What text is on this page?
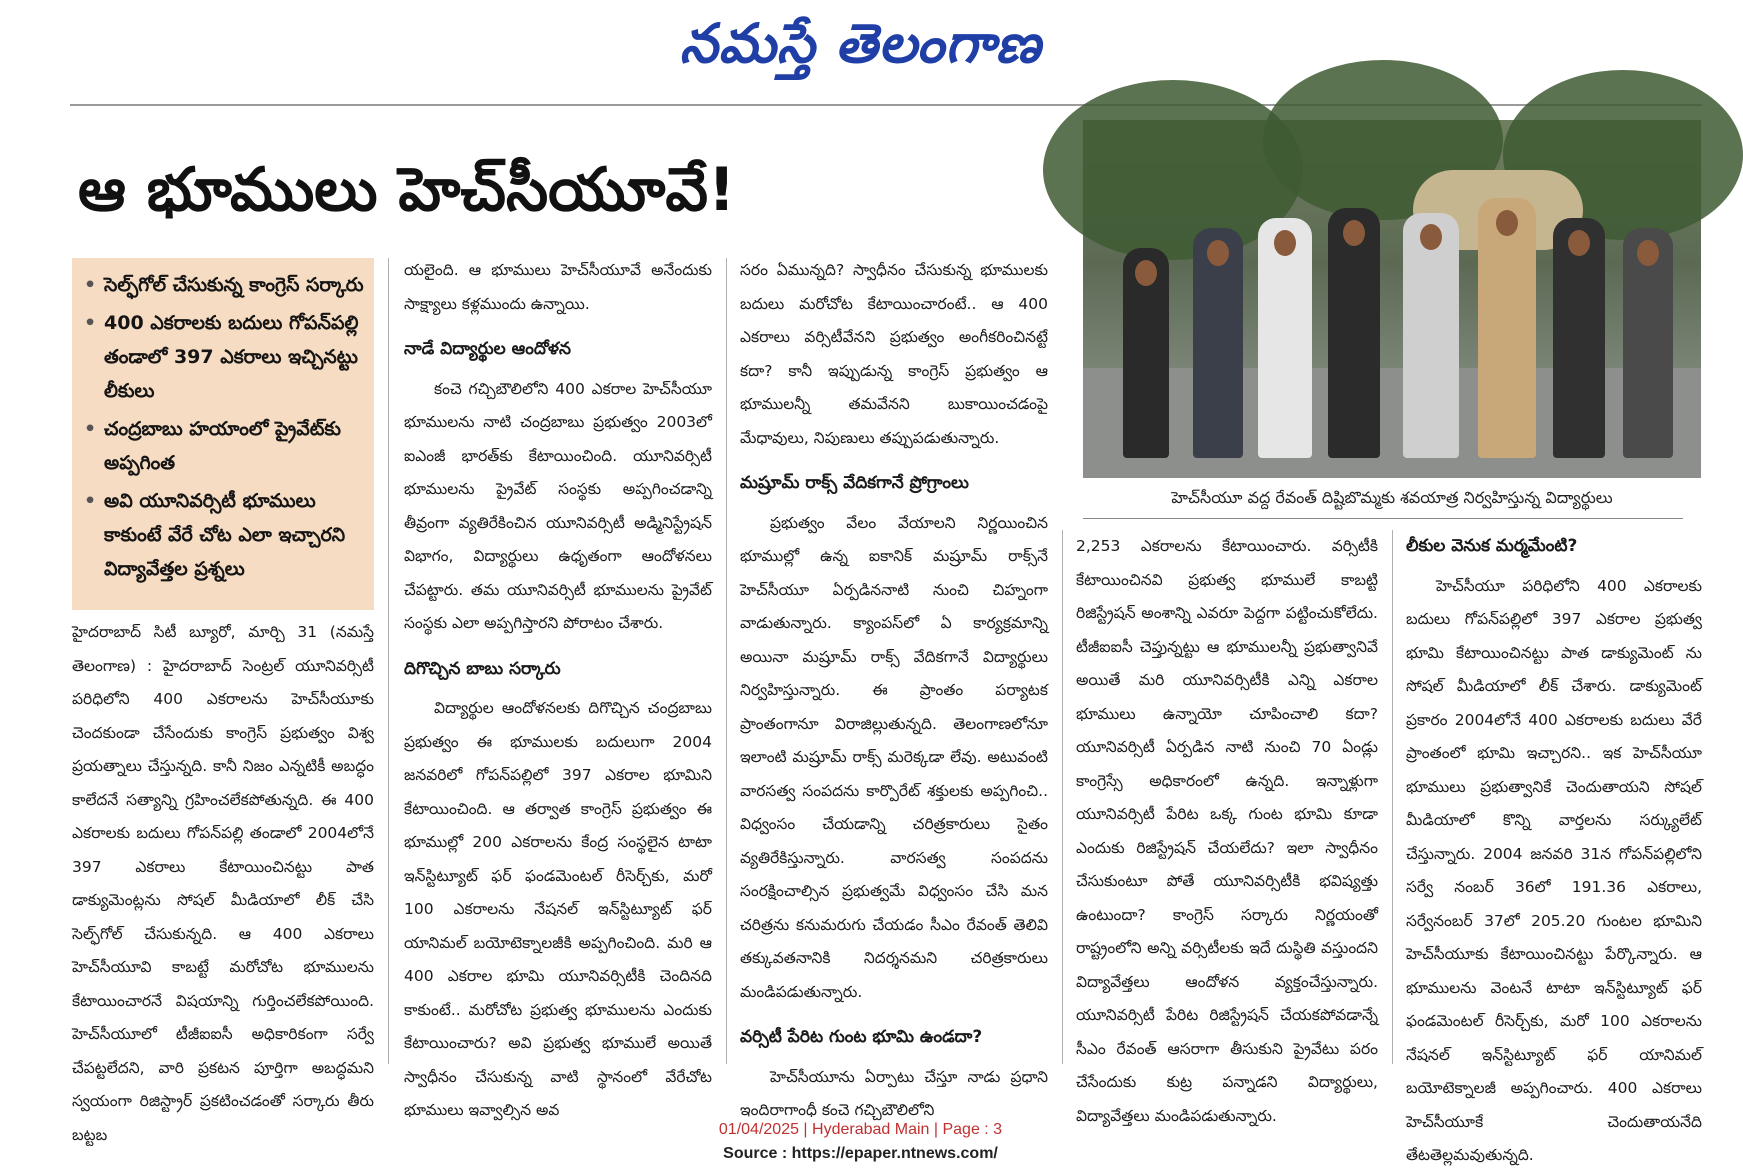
నమస్తే తెలంగాణ
ఆ భూములు హెచ్‌సీయూవే!
హెచ్‌సీయూ వద్ద రేవంత్ దిష్టిబొమ్మకు శవయాత్ర నిర్వహిస్తున్న విద్యార్థులు
• సెల్ఫ్‌గోల్ చేసుకున్న కాంగ్రెస్ సర్కారు
• 400 ఎకరాలకు బదులు గోపన్‌పల్లి తండాలో 397 ఎకరాలు ఇచ్చినట్టు లీకులు
• చంద్రబాబు హయాంలో ప్రైవేట్‌కు అప్పగింత
• అవి యూనివర్సిటీ భూములు కాకుంటే వేరే చోట ఎలా ఇచ్చారని విద్యావేత్తల ప్రశ్నలు

హైదరాబాద్ సిటీ బ్యూరో, మార్చి 31 (నమస్తే తెలంగాణ) : హైదరాబాద్ సెంట్రల్ యూనివర్సిటీ పరిధిలోని 400 ఎకరాలను హెచ్‌సీయూకు చెందకుండా చేసేందుకు కాంగ్రెస్ ప్రభుత్వం విశ్వ ప్రయత్నాలు చేస్తున్నది. కానీ నిజం ఎన్నటికీ అబద్ధం కాలేదనే సత్యాన్ని గ్రహించలేకపోతున్నది. ఈ 400 ఎకరాలకు బదులు గోపన్‌పల్లి తండాలో 2004లోనే 397 ఎకరాలు కేటాయించినట్టు పాత డాక్యుమెంట్లను సోషల్ మీడియాలో లీక్ చేసి సెల్ఫ్‌గోల్ చేసుకున్నది. ఆ 400 ఎకరాలు హెచ్‌సీయూవి కాబట్టే మరోచోట భూములను కేటాయించారనే విషయాన్ని గుర్తించలేకపోయింది. హెచ్‌సీయూలో టీజీఐఐసీ అధికారికంగా సర్వే చేపట్టలేదని, వారి ప్రకటన పూర్తిగా అబద్ధమని స్వయంగా రిజిస్ట్రార్ ప్రకటించడంతో సర్కారు తీరు బట్టబ

యలైంది. ఆ భూములు హెచ్‌సీయూవే అనేందుకు సాక్ష్యాలు కళ్లముందు ఉన్నాయి.

నాడే విద్యార్థుల ఆందోళన

కంచె గచ్చిబౌలిలోని 400 ఎకరాల హెచ్‌సీయూ భూములను నాటి చంద్రబాబు ప్రభుత్వం 2003లో ఐఎంజీ భారత్‌కు కేటాయించింది. యూనివర్సిటీ భూములను ప్రైవేట్ సంస్థకు అప్పగించడాన్ని తీవ్రంగా వ్యతిరేకించిన యూనివర్సిటీ అడ్మినిస్ట్రేషన్ విభాగం, విద్యార్థులు ఉధృతంగా ఆందోళనలు చేపట్టారు. తమ యూనివర్సిటీ భూములను ప్రైవేట్ సంస్థకు ఎలా అప్పగిస్తారని పోరాటం చేశారు.

దిగొచ్చిన బాబు సర్కారు

విద్యార్థుల ఆందోళనలకు దిగొచ్చిన చంద్రబాబు ప్రభుత్వం ఈ భూములకు బదులుగా 2004 జనవరిలో గోపన్‌పల్లిలో 397 ఎకరాల భూమిని కేటాయించింది. ఆ తర్వాత కాంగ్రెస్ ప్రభుత్వం ఈ భూముల్లో 200 ఎకరాలను కేంద్ర సంస్థలైన టాటా ఇన్‌స్టిట్యూట్ ఫర్ ఫండమెంటల్ రీసెర్చ్‌కు, మరో 100 ఎకరాలను నేషనల్ ఇన్‌స్టిట్యూట్ ఫర్ యానిమల్ బయోటెక్నాలజీకి అప్పగించింది. మరి ఆ 400 ఎకరాల భూమి యూనివర్సిటీకి చెందినది కాకుంటే.. మరోచోట ప్రభుత్వ భూములను ఎందుకు కేటాయించారు? అవి ప్రభుత్వ భూములే అయితే స్వాధీనం చేసుకున్న వాటి స్థానంలో వేరేచోట భూములు ఇవ్వాల్సిన అవ

సరం ఏమున్నది? స్వాధీనం చేసుకున్న భూములకు బదులు మరోచోట కేటాయించారంటే.. ఆ 400 ఎకరాలు వర్సిటీవేనని ప్రభుత్వం అంగీకరించినట్టే కదా? కానీ ఇప్పుడున్న కాంగ్రెస్ ప్రభుత్వం ఆ భూములన్నీ తమవేనని బుకాయించడంపై మేధావులు, నిపుణులు తప్పుపడుతున్నారు.

మష్రూమ్ రాక్స్ వేదికగానే ప్రోగ్రాంలు

ప్రభుత్వం వేలం వేయాలని నిర్ణయించిన భూముల్లో ఉన్న ఐకానిక్ మష్రూమ్ రాక్స్‌నే హెచ్‌సీయూ ఏర్పడిననాటి నుంచి చిహ్నంగా వాడుతున్నారు. క్యాంపస్‌లో ఏ కార్యక్రమాన్ని అయినా మష్రూమ్ రాక్స్ వేదికగానే విద్యార్థులు నిర్వహిస్తున్నారు. ఈ ప్రాంతం పర్యాటక ప్రాంతంగానూ విరాజిల్లుతున్నది. తెలంగాణలోనూ ఇలాంటి మష్రూమ్ రాక్స్ మరెక్కడా లేవు. అటువంటి వారసత్వ సంపదను కార్పొరేట్ శక్తులకు అప్పగించి.. విధ్వంసం చేయడాన్ని చరిత్రకారులు సైతం వ్యతిరేకిస్తున్నారు. వారసత్వ సంపదను సంరక్షించాల్సిన ప్రభుత్వమే విధ్వంసం చేసి మన చరిత్రను కనుమరుగు చేయడం సీఎం రేవంత్ తెలివి తక్కువతనానికి నిదర్శనమని చరిత్రకారులు మండిపడుతున్నారు.

వర్సిటీ పేరిట గుంట భూమి ఉండదా?

హెచ్‌సీయూను ఏర్పాటు చేస్తూ నాడు ప్రధాని ఇందిరాగాంధీ కంచె గచ్చిబౌలిలోని

2,253 ఎకరాలను కేటాయించారు. వర్సిటీకి కేటాయించినవి ప్రభుత్వ భూములే కాబట్టి రిజిస్ట్రేషన్ అంశాన్ని ఎవరూ పెద్దగా పట్టించుకోలేదు. టీజీఐఐసీ చెప్తున్నట్టు ఆ భూములన్నీ ప్రభుత్వానివే అయితే మరి యూనివర్సిటీకి ఎన్ని ఎకరాల భూములు ఉన్నాయో చూపించాలి కదా? యూనివర్సిటీ ఏర్పడిన నాటి నుంచి 70 ఏండ్లు కాంగ్రెస్సే అధికారంలో ఉన్నది. ఇన్నాళ్లుగా యూనివర్సిటీ పేరిట ఒక్క గుంట భూమి కూడా ఎందుకు రిజిస్ట్రేషన్ చేయలేదు? ఇలా స్వాధీనం చేసుకుంటూ పోతే యూనివర్సిటీకి భవిష్యత్తు ఉంటుందా? కాంగ్రెస్ సర్కారు నిర్ణయంతో రాష్ట్రంలోని అన్ని వర్సిటీలకు ఇదే దుస్థితి వస్తుందని విద్యావేత్తలు ఆందోళన వ్యక్తంచేస్తున్నారు. యూనివర్సిటీ పేరిట రిజిస్ట్రేషన్ చేయకపోవడాన్నే సీఎం రేవంత్ ఆసరాగా తీసుకుని ప్రైవేటు పరం చేసేందుకు కుట్ర పన్నాడని విద్యార్థులు, విద్యావేత్తలు మండిపడుతున్నారు.

లీకుల వెనుక మర్మమేంటి?

హెచ్‌సీయూ పరిధిలోని 400 ఎకరాలకు బదులు గోపన్‌పల్లిలో 397 ఎకరాల ప్రభుత్వ భూమి కేటాయించినట్టు పాత డాక్యుమెంట్ ను సోషల్ మీడియాలో లీక్ చేశారు. డాక్యుమెంట్ ప్రకారం 2004లోనే 400 ఎకరాలకు బదులు వేరే ప్రాంతంలో భూమి ఇచ్చారని.. ఇక హెచ్‌సీయూ భూములు ప్రభుత్వానికే చెందుతాయని సోషల్ మీడియాలో కొన్ని వార్తలను సర్క్యులేట్ చేస్తున్నారు. 2004 జనవరి 31న గోపన్‌పల్లిలోని సర్వే నంబర్ 36లో 191.36 ఎకరాలు, సర్వేనంబర్ 37లో 205.20 గుంటల భూమిని హెచ్‌సీయూకు కేటాయించినట్టు పేర్కొన్నారు. ఆ భూములను వెంటనే టాటా ఇన్‌స్టిట్యూట్ ఫర్ ఫండమెంటల్ రీసెర్చ్‌కు, మరో 100 ఎకరాలను నేషనల్ ఇన్‌స్టిట్యూట్ ఫర్ యానిమల్ బయోటెక్నాలజీ అప్పగించారు. 400 ఎకరాలు హెచ్‌సీయూకే చెందుతాయనేది తేటతెల్లమవుతున్నది.

01/04/2025 | Hyderabad Main | Page : 3
Source : https://epaper.ntnews.com/
